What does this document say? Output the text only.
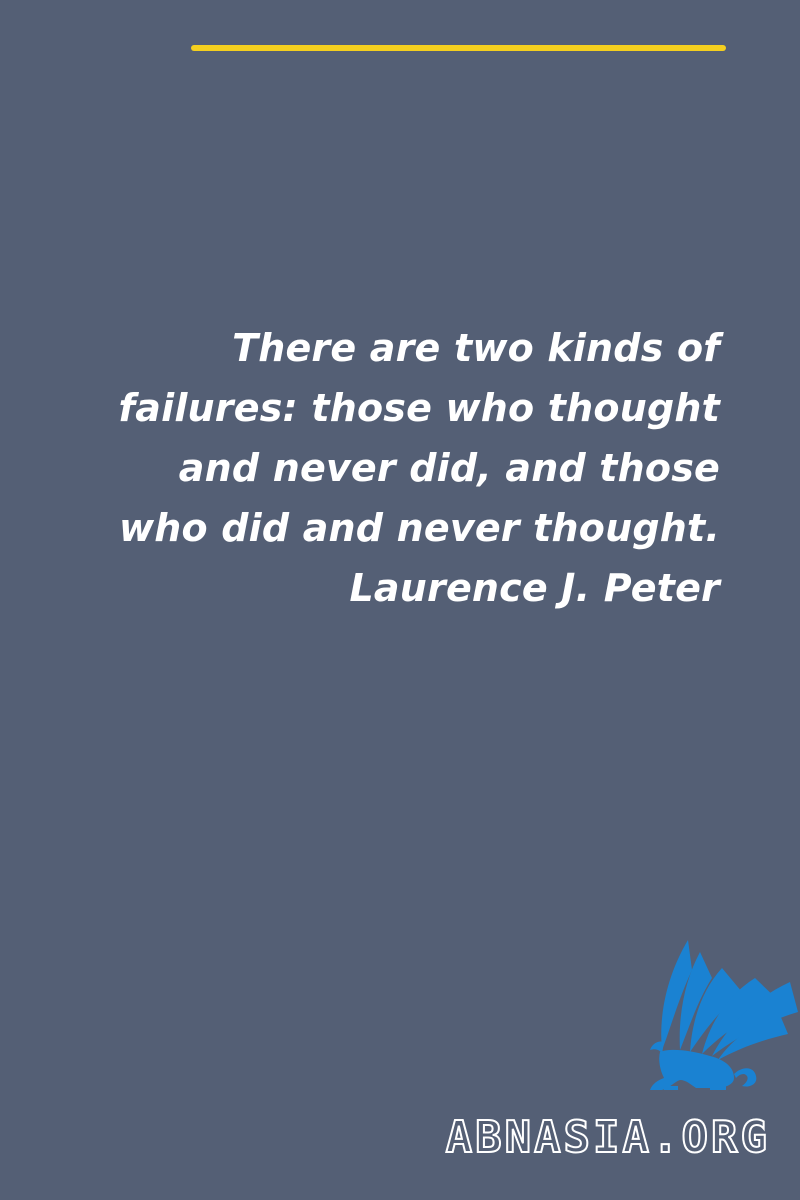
There are two kinds of
failures: those who thought
and never did, and those
who did and never thought.
Laurence J. Peter
ABNASIA.ORG
